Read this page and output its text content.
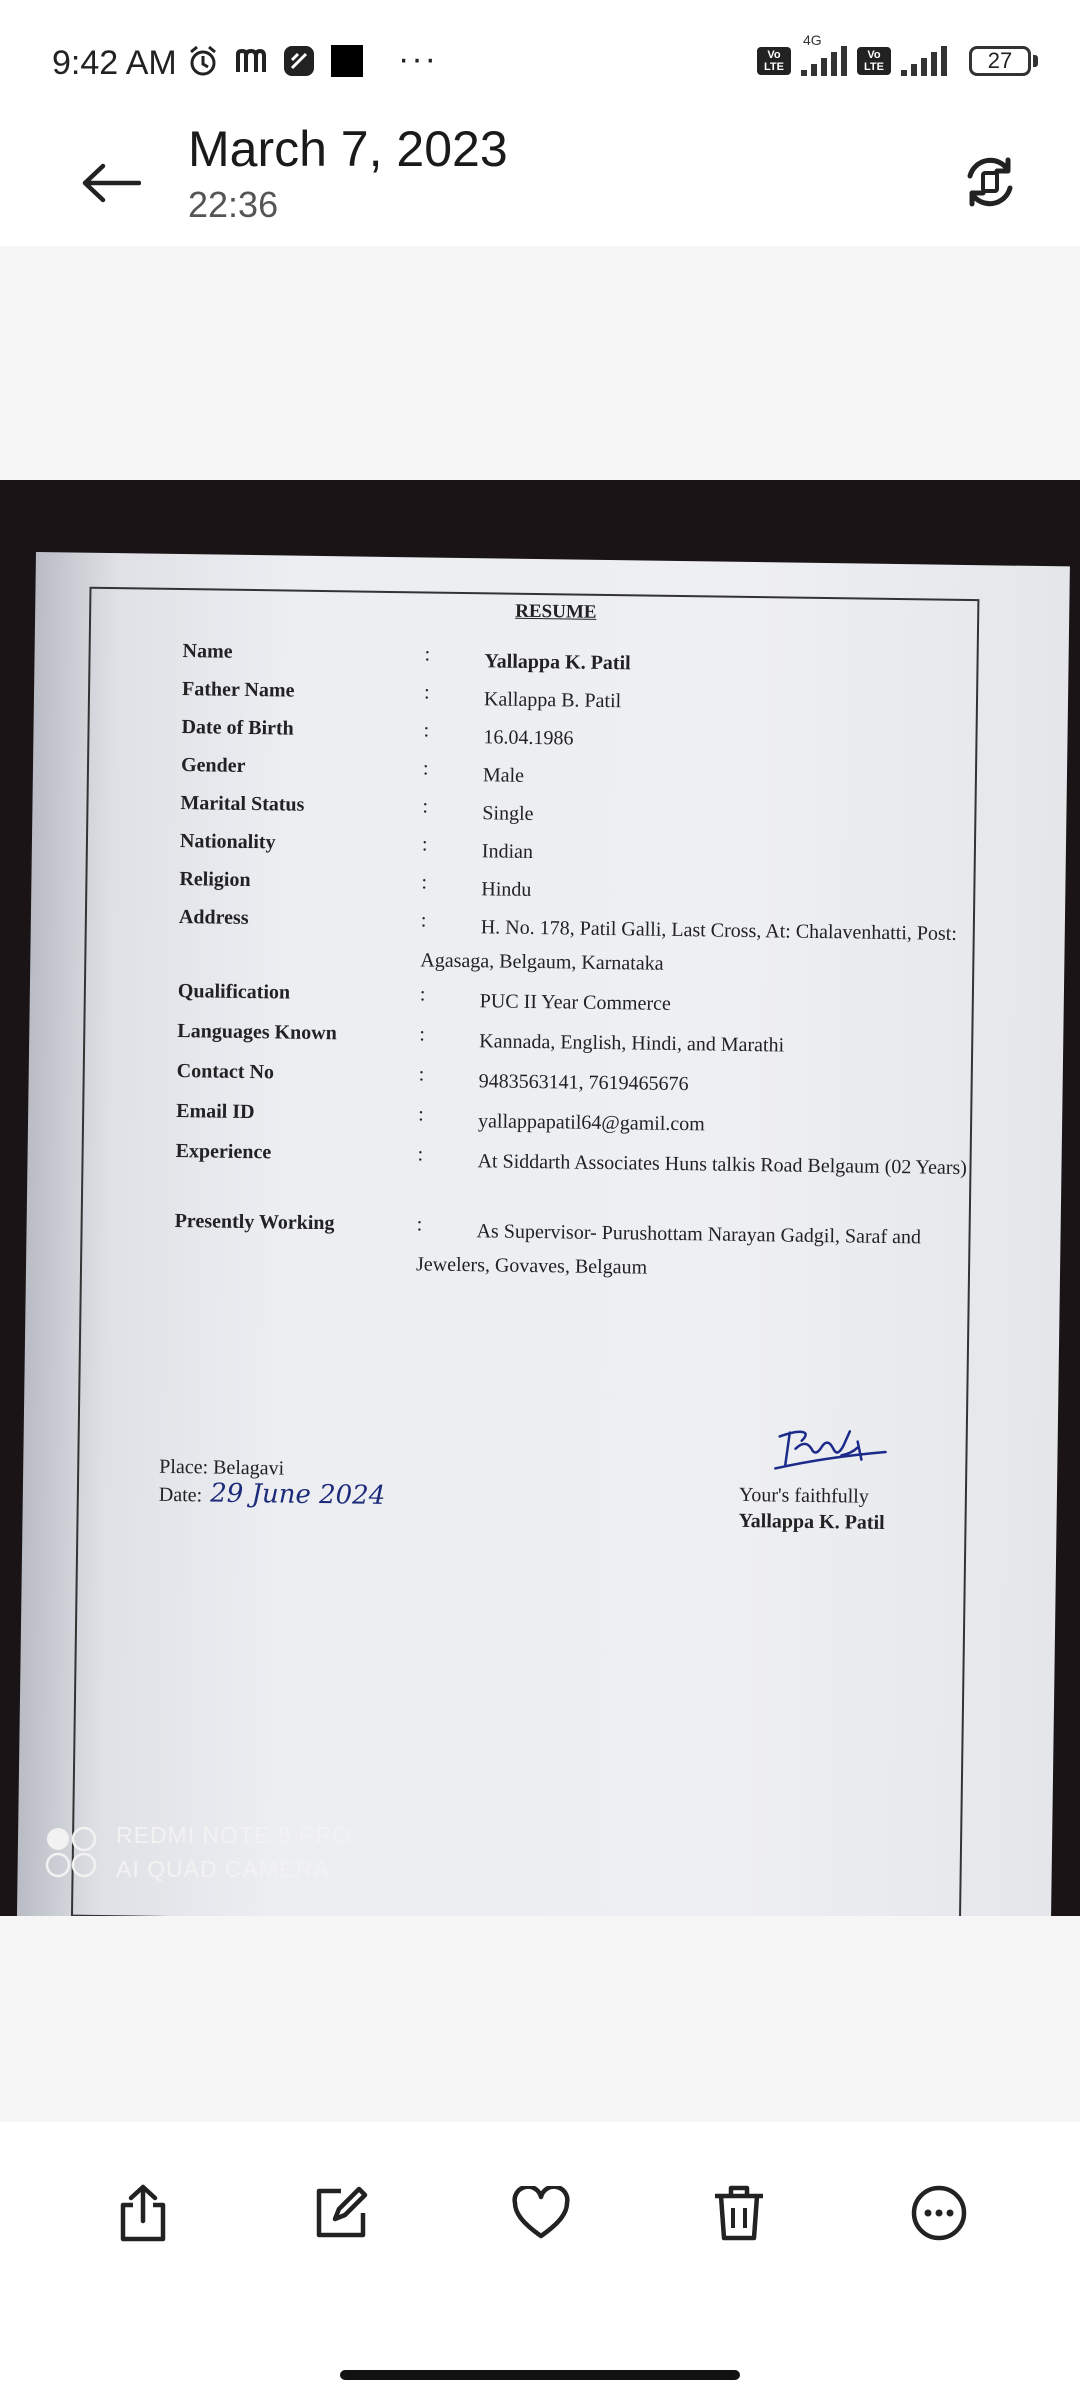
9:42 AM	···	Vo LTE
4G
Vo LTE	27
March 7, 2023
22:36
RESUME
Name	:	Yallappa K. Patil
Father Name	:	Kallappa B. Patil
Date of Birth	:	16.04.1986
Gender	:	Male
Marital Status	:	Single
Nationality	:	Indian
Religion	:	Hindu
Address	:	H. No. 178, Patil Galli, Last Cross, At: Chalavenhatti, Post: Agasaga, Belgaum, Karnataka
Qualification	:	PUC II Year Commerce
Languages Known	:	Kannada, English, Hindi, and Marathi
Contact No	:	9483563141, 7619465676
Email ID	:	yallappapatil64@gamil.com
Experience	:	At Siddarth Associates Huns talkis Road Belgaum (02 Years)
Presently Working	:	As Supervisor- Purushottam Narayan Gadgil, Saraf and Jewelers, Govaves, Belgaum
Place: Belagavi
Date: 29 June 2024	Your's faithfully
Yallappa K. Patil
REDMI NOTE 8 PRO
AI QUAD CAMERA
